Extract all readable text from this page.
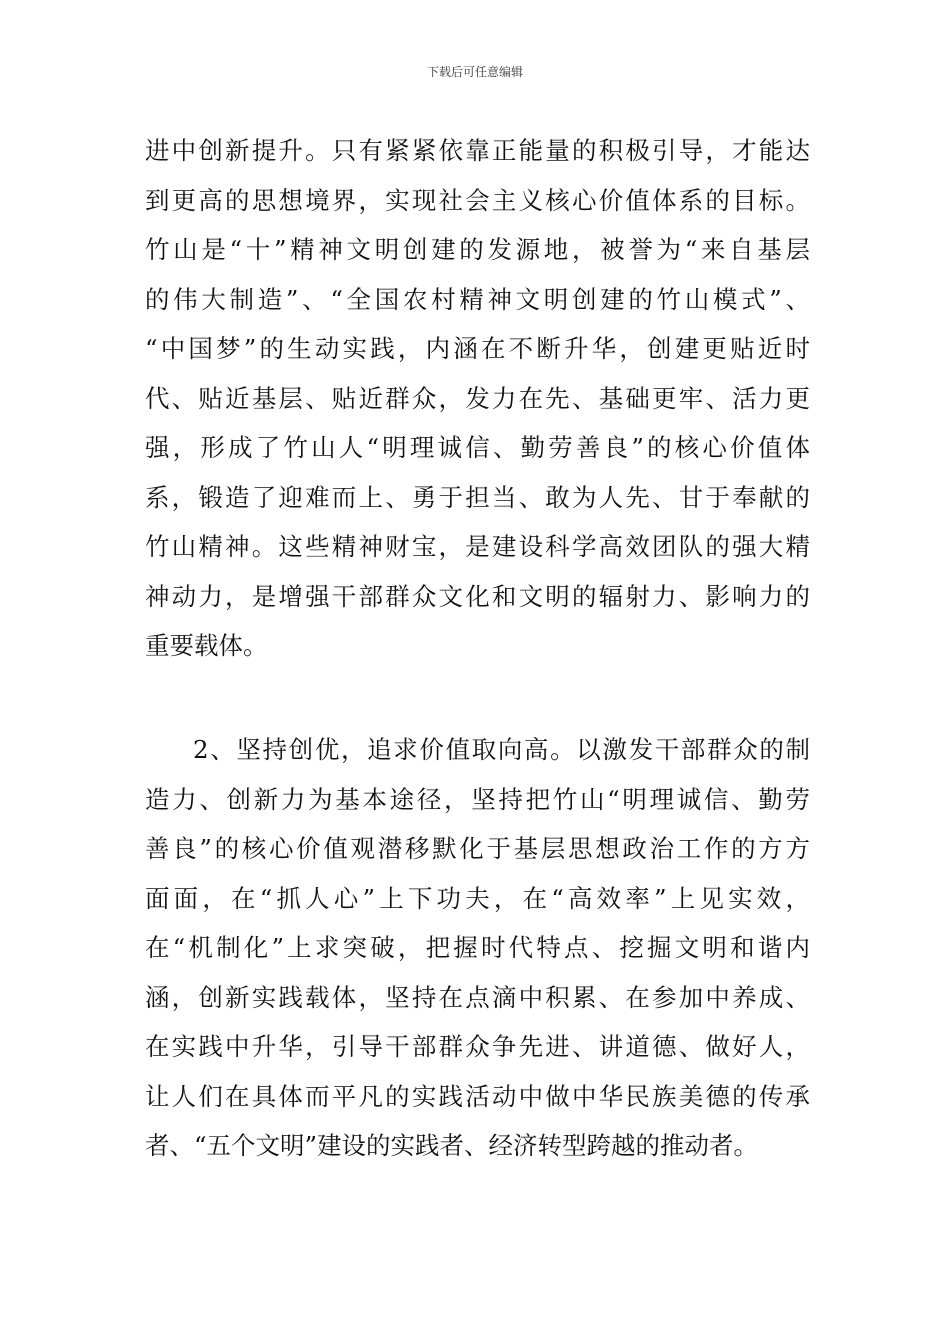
下载后可任意编辑
进中创新提升。只有紧紧依靠正能量的积极引导，才能达
到更高的思想境界，实现社会主义核心价值体系的目标。
竹山是“十”精神文明创建的发源地，被誉为“来自基层
的伟大制造”、“全国农村精神文明创建的竹山模式”、
“中国梦”的生动实践，内涵在不断升华，创建更贴近时
代、贴近基层、贴近群众，发力在先、基础更牢、活力更
强，形成了竹山人“明理诚信、勤劳善良”的核心价值体
系，锻造了迎难而上、勇于担当、敢为人先、甘于奉献的
竹山精神。这些精神财宝，是建设科学高效团队的强大精
神动力，是增强干部群众文化和文明的辐射力、影响力的
重要载体。
2、坚持创优，追求价值取向高。以激发干部群众的制
造力、创新力为基本途径，坚持把竹山“明理诚信、勤劳
善良”的核心价值观潜移默化于基层思想政治工作的方方
面面，在“抓人心”上下功夫，在“高效率”上见实效，
在“机制化”上求突破，把握时代特点、挖掘文明和谐内
涵，创新实践载体，坚持在点滴中积累、在参加中养成、
在实践中升华，引导干部群众争先进、讲道德、做好人，
让人们在具体而平凡的实践活动中做中华民族美德的传承
者、“五个文明”建设的实践者、经济转型跨越的推动者。
